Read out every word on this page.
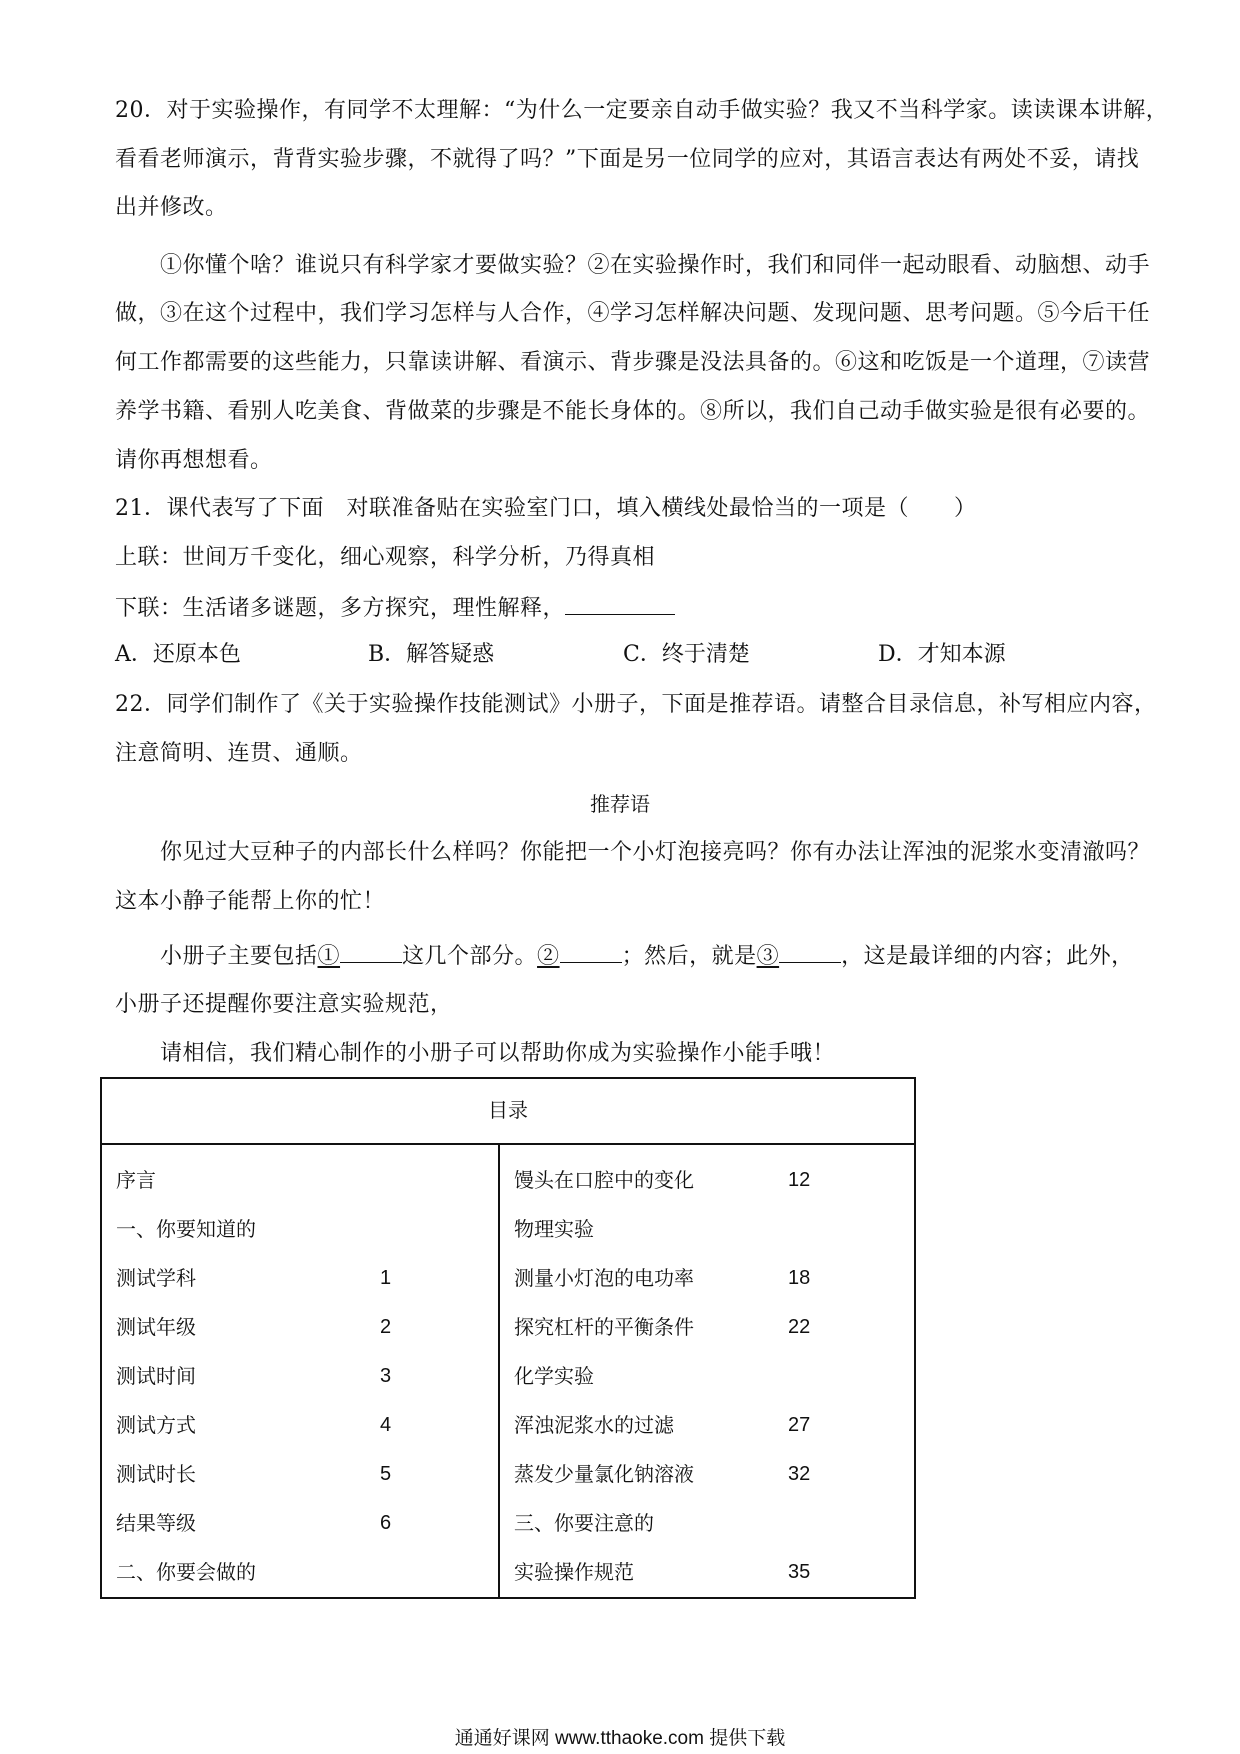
20．对于实验操作，有同学不太理解：“为什么一定要亲自动手做实验？我又不当科学家。读读课本讲解，
看看老师演示，背背实验步骤，不就得了吗？”下面是另一位同学的应对，其语言表达有两处不妥，请找
出并修改。
①你懂个啥？谁说只有科学家才要做实验？②在实验操作时，我们和同伴一起动眼看、动脑想、动手
做，③在这个过程中，我们学习怎样与人合作，④学习怎样解决问题、发现问题、思考问题。⑤今后干任
何工作都需要的这些能力，只靠读讲解、看演示、背步骤是没法具备的。⑥这和吃饭是一个道理，⑦读营
养学书籍、看别人吃美食、背做菜的步骤是不能长身体的。⑧所以，我们自己动手做实验是很有必要的。
请你再想想看。
21．课代表写了下面　对联准备贴在实验室门口，填入横线处最恰当的一项是（　　）
上联：世间万千变化，细心观察，科学分析，乃得真相
下联：生活诸多谜题，多方探究，理性解释，
A．还原本色	B．解答疑惑	C．终于清楚	D．才知本源
22．同学们制作了《关于实验操作技能测试》小册子，下面是推荐语。请整合目录信息，补写相应内容，
注意简明、连贯、通顺。
推荐语
你见过大豆种子的内部长什么样吗？你能把一个小灯泡接亮吗？你有办法让浑浊的泥浆水变清澈吗？
这本小静子能帮上你的忙！
小册子主要包括①	这几个部分。②	；然后，就是③	，这是最详细的内容；此外，
小册子还提醒你要注意实验规范，
请相信，我们精心制作的小册子可以帮助你成为实验操作小能手哦！
目录
序言
一、你要知道的
测试学科	1
测试年级	2
测试时间	3
测试方式	4
测试时长	5
结果等级	6
二、你要会做的
馒头在口腔中的变化	12
物理实验
测量小灯泡的电功率	18
探究杠杆的平衡条件	22
化学实验
浑浊泥浆水的过滤	27
蒸发少量氯化钠溶液	32
三、你要注意的
实验操作规范	35
通通好课网 www.tthaoke.com 提供下载
